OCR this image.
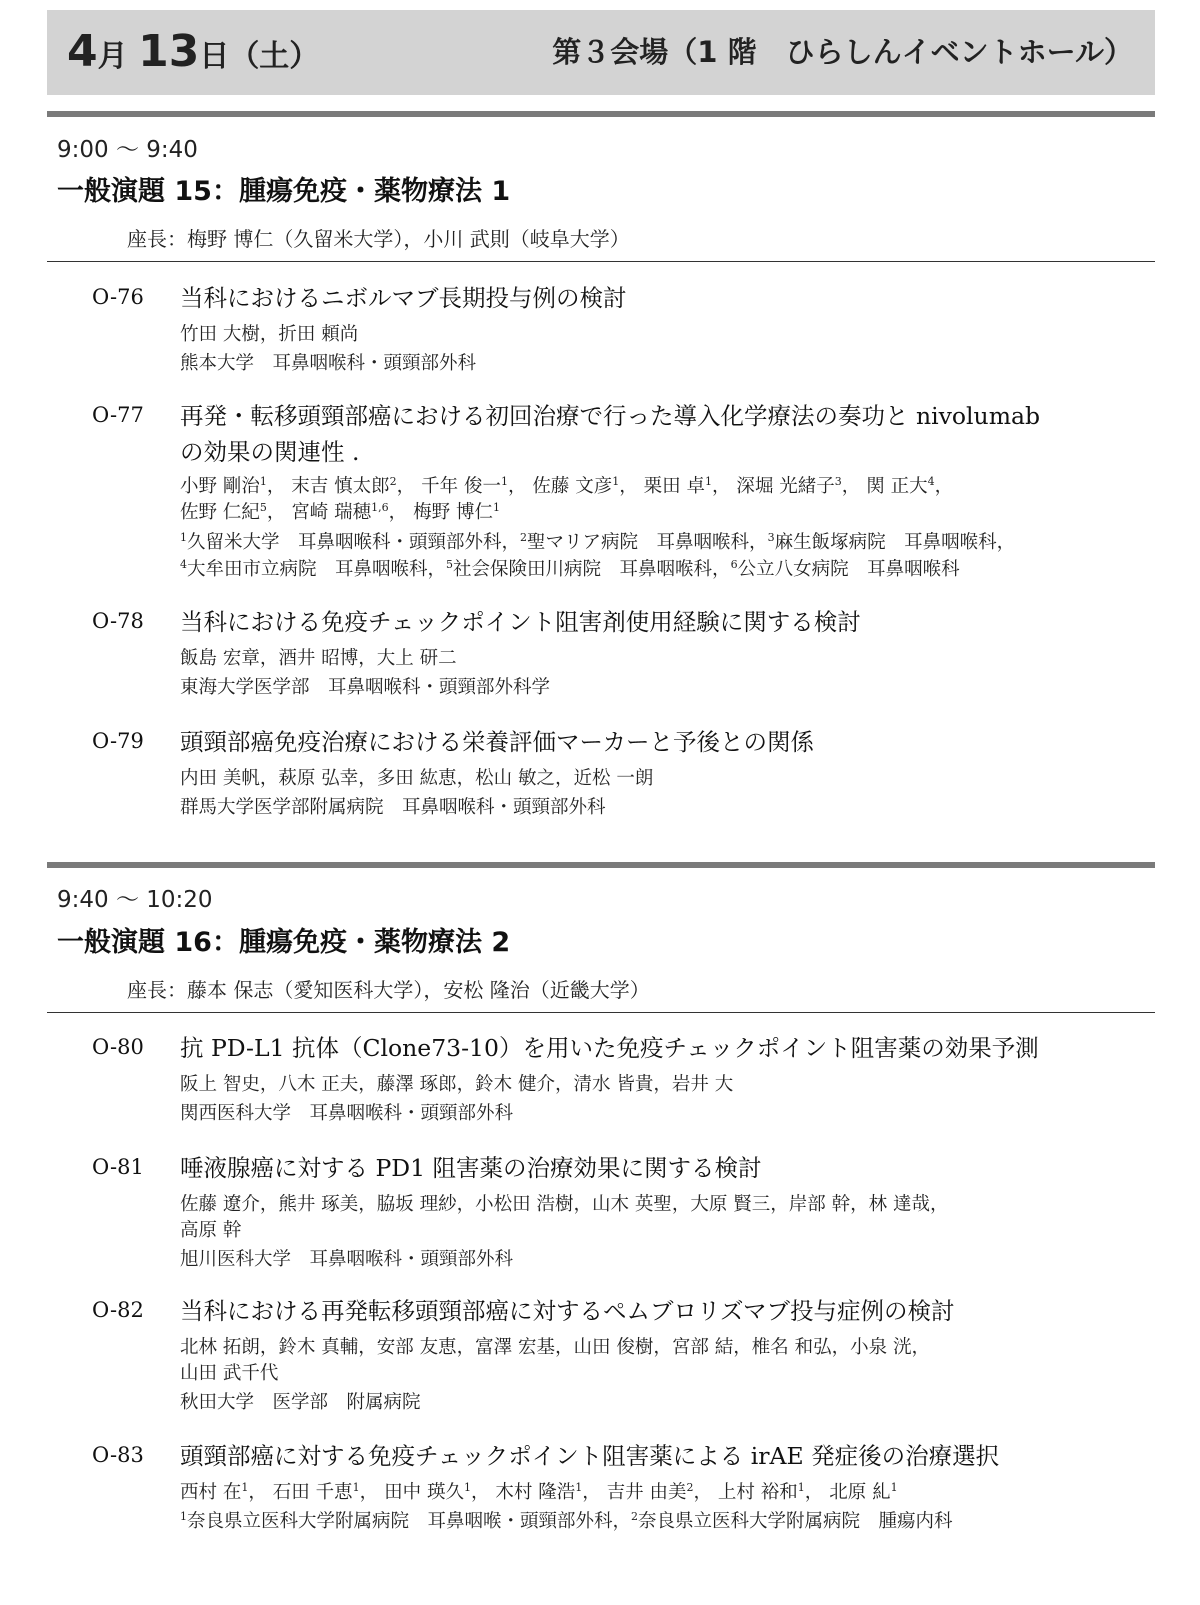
4月 13日（土）	第３会場（1 階　ひらしんイベントホール）
9:00 ～ 9:40
一般演題 15：腫瘍免疫・薬物療法 1
座長：梅野 博仁（久留米大学），小川 武則（岐阜大学）
O-76 当科におけるニボルマブ長期投与例の検討
竹田 大樹，折田 頼尚
熊本大学　耳鼻咽喉科・頭頸部外科
O-77 再発・転移頭頸部癌における初回治療で行った導入化学療法の奏功と nivolumab
の効果の関連性 .
小野 剛治$^1$， 末吉 慎太郎$^2$， 千年 俊一$^1$， 佐藤 文彦$^1$， 栗田 卓$^1$， 深堀 光緒子$^3$， 関 正大$^4$，
佐野 仁紀$^5$， 宮崎 瑞穂$^{1,6}$， 梅野 博仁$^1$
$^1$久留米大学　耳鼻咽喉科・頭頸部外科，$^2$聖マリア病院　耳鼻咽喉科，$^3$麻生飯塚病院　耳鼻咽喉科，
$^4$大牟田市立病院　耳鼻咽喉科，$^5$社会保険田川病院　耳鼻咽喉科，$^6$公立八女病院　耳鼻咽喉科
O-78 当科における免疫チェックポイント阻害剤使用経験に関する検討
飯島 宏章，酒井 昭博，大上 研二
東海大学医学部　耳鼻咽喉科・頭頸部外科学
O-79 頭頸部癌免疫治療における栄養評価マーカーと予後との関係
内田 美帆，萩原 弘幸，多田 紘恵，松山 敏之，近松 一朗
群馬大学医学部附属病院　耳鼻咽喉科・頭頸部外科
9:40 ～ 10:20
一般演題 16：腫瘍免疫・薬物療法 2
座長：藤本 保志（愛知医科大学），安松 隆治（近畿大学）
O-80 抗 PD-L1 抗体（Clone73-10）を用いた免疫チェックポイント阻害薬の効果予測
阪上 智史，八木 正夫，藤澤 琢郎，鈴木 健介，清水 皆貴，岩井 大
関西医科大学　耳鼻咽喉科・頭頸部外科
O-81 唾液腺癌に対する PD1 阻害薬の治療効果に関する検討
佐藤 遼介，熊井 琢美，脇坂 理紗，小松田 浩樹，山木 英聖，大原 賢三，岸部 幹，林 達哉，
高原 幹
旭川医科大学　耳鼻咽喉科・頭頸部外科
O-82 当科における再発転移頭頸部癌に対するペムブロリズマブ投与症例の検討
北林 拓朗，鈴木 真輔，安部 友恵，富澤 宏基，山田 俊樹，宮部 結，椎名 和弘，小泉 洸，
山田 武千代
秋田大学　医学部　附属病院
O-83 頭頸部癌に対する免疫チェックポイント阻害薬による irAE 発症後の治療選択
西村 在$^1$， 石田 千恵$^1$， 田中 瑛久$^1$， 木村 隆浩$^1$， 吉井 由美$^2$， 上村 裕和$^1$， 北原 糺$^1$
$^1$奈良県立医科大学附属病院　耳鼻咽喉・頭頸部外科，$^2$奈良県立医科大学附属病院　腫瘍内科
